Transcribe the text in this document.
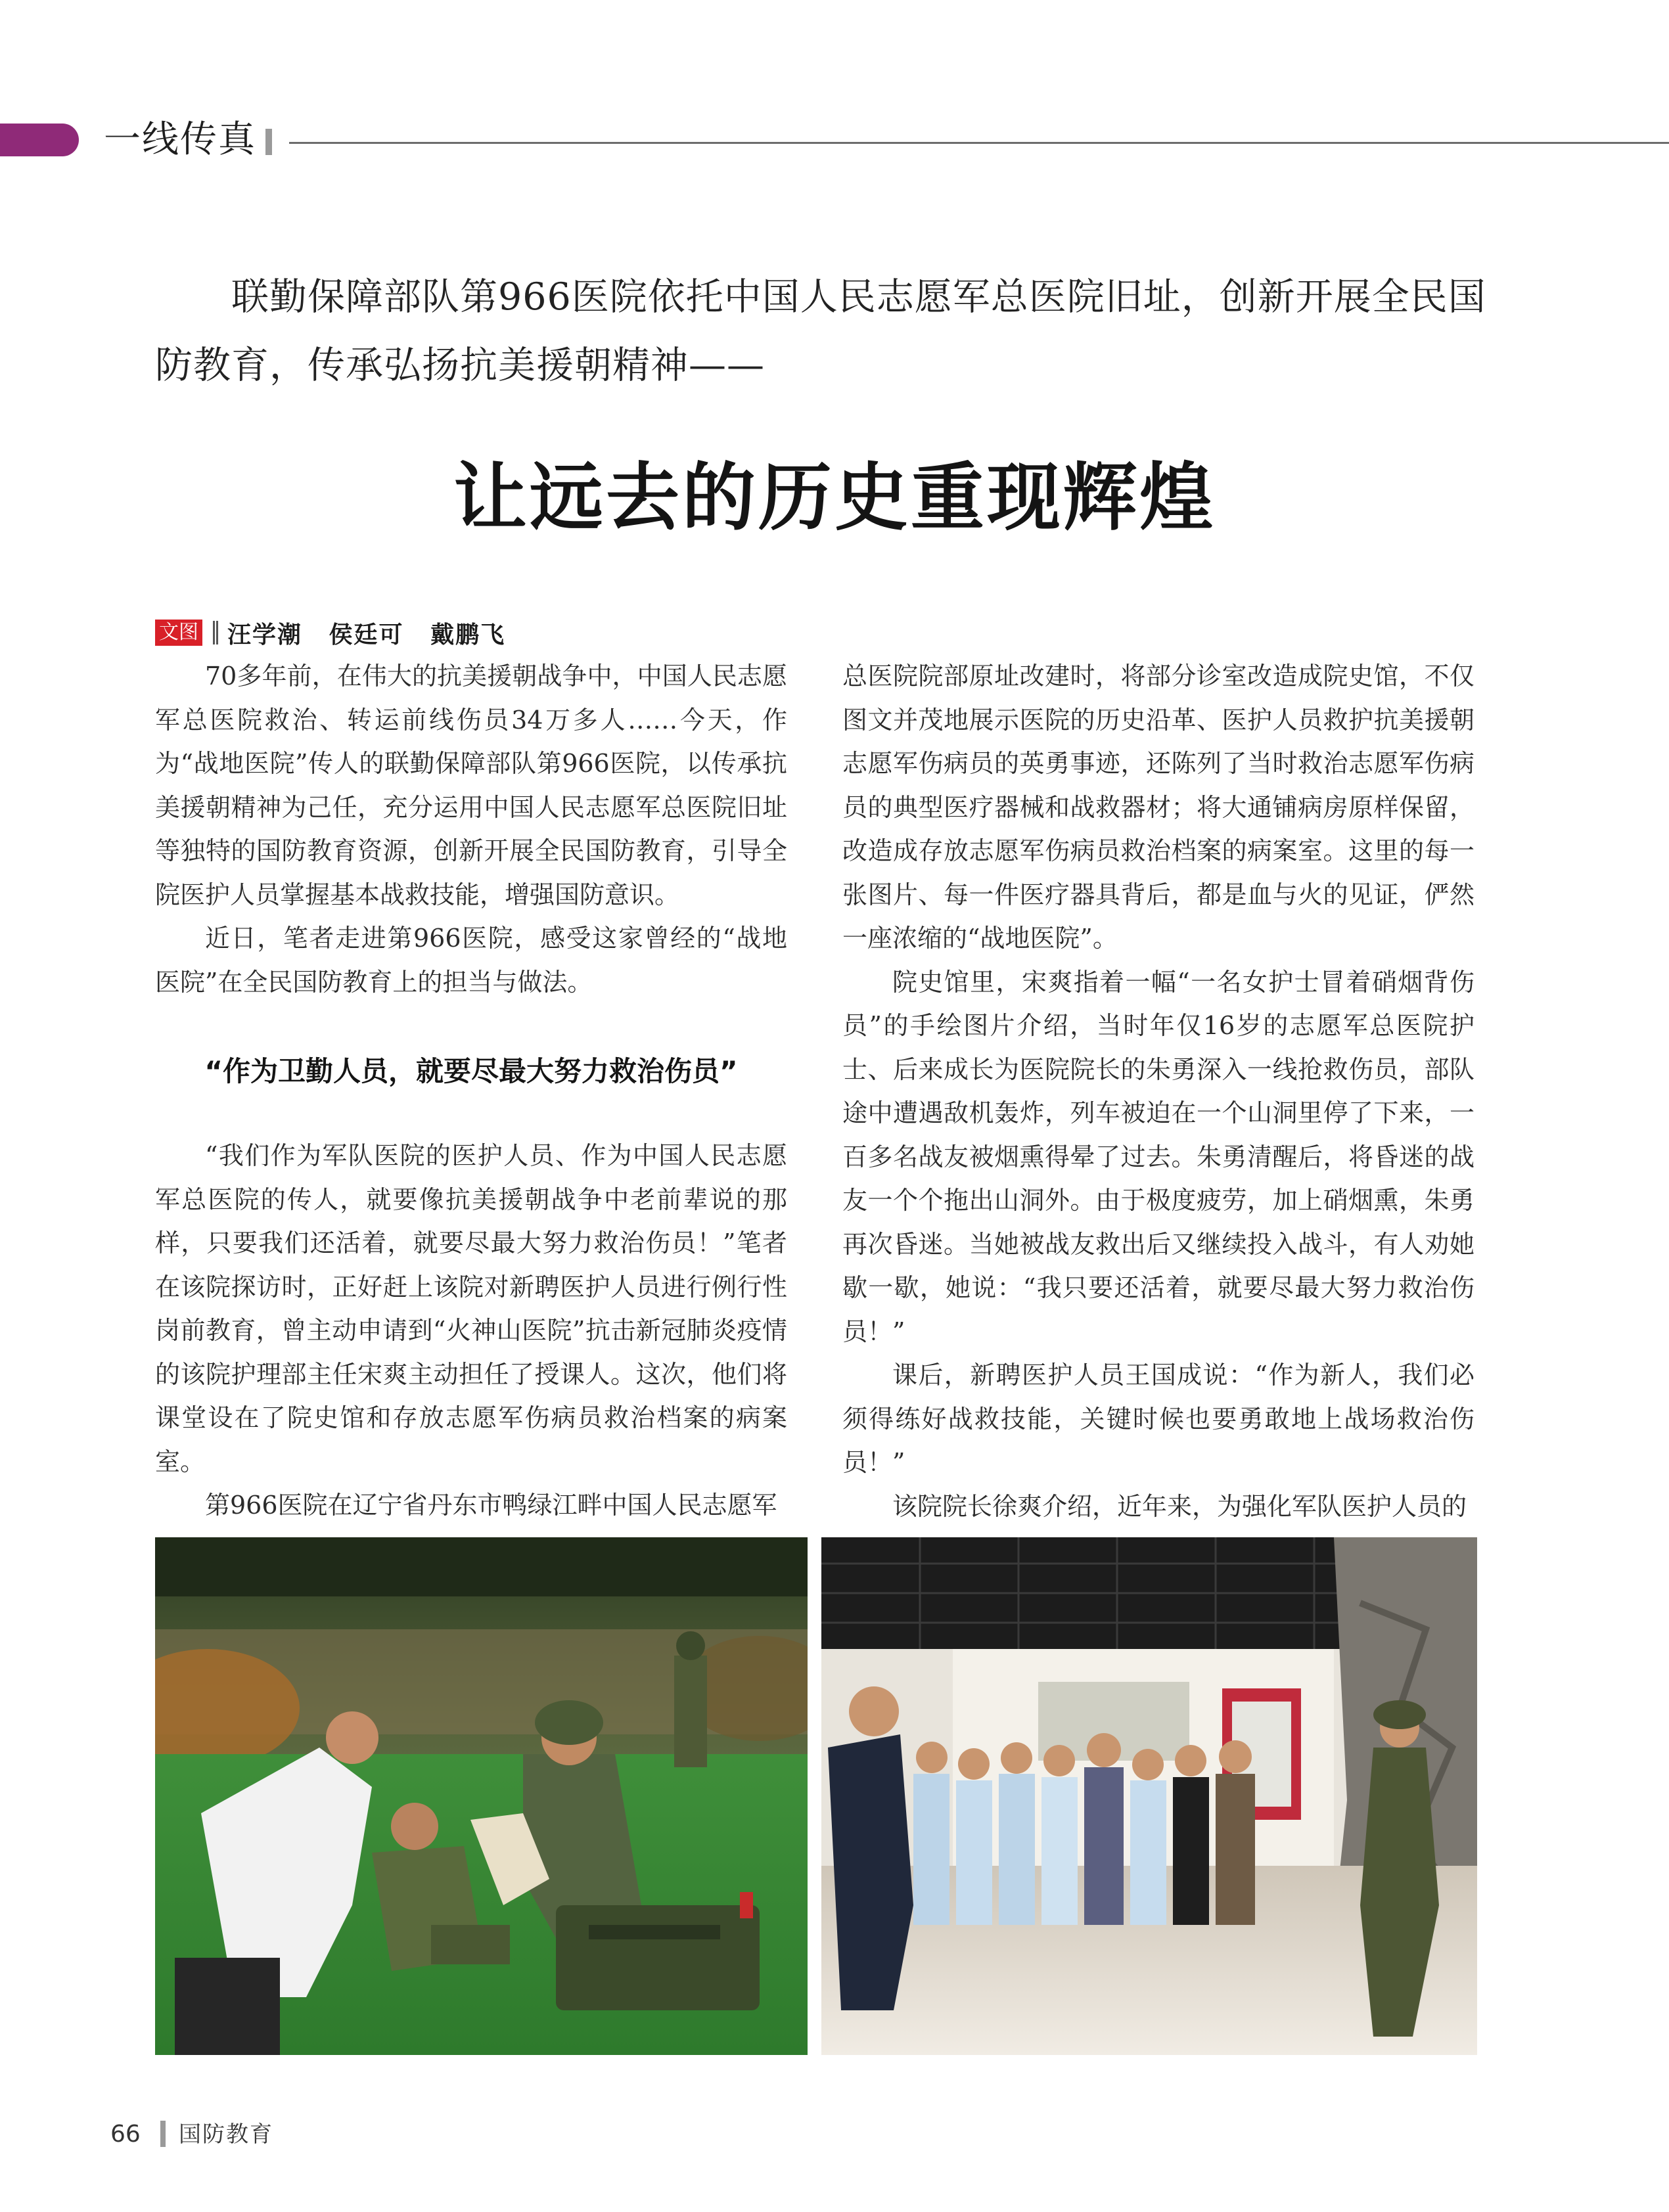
一线传真
联勤保障部队第966医院依托中国人民志愿军总医院旧址，创新开展全民国防教育，传承弘扬抗美援朝精神——
让远去的历史重现辉煌
文图 汪学潮 侯廷可 戴鹏飞

70多年前，在伟大的抗美援朝战争中，中国人民志愿军总医院救治、转运前线伤员34万多人……今天，作为“战地医院”传人的联勤保障部队第966医院，以传承抗美援朝精神为己任，充分运用中国人民志愿军总医院旧址等独特的国防教育资源，创新开展全民国防教育，引导全院医护人员掌握基本战救技能，增强国防意识。

近日，笔者走进第966医院，感受这家曾经的“战地医院”在全民国防教育上的担当与做法。

“作为卫勤人员，就要尽最大努力救治伤员”

“我们作为军队医院的医护人员、作为中国人民志愿军总医院的传人，就要像抗美援朝战争中老前辈说的那样，只要我们还活着，就要尽最大努力救治伤员！”笔者在该院探访时，正好赶上该院对新聘医护人员进行例行性岗前教育，曾主动申请到“火神山医院”抗击新冠肺炎疫情的该院护理部主任宋爽主动担任了授课人。这次，他们将课堂设在了院史馆和存放志愿军伤病员救治档案的病案室。

第966医院在辽宁省丹东市鸭绿江畔中国人民志愿军

总医院院部原址改建时，将部分诊室改造成院史馆，不仅图文并茂地展示医院的历史沿革、医护人员救护抗美援朝志愿军伤病员的英勇事迹，还陈列了当时救治志愿军伤病员的典型医疗器械和战救器材；将大通铺病房原样保留，改造成存放志愿军伤病员救治档案的病案室。这里的每一张图片、每一件医疗器具背后，都是血与火的见证，俨然一座浓缩的“战地医院”。

院史馆里，宋爽指着一幅“一名女护士冒着硝烟背伤员”的手绘图片介绍，当时年仅16岁的志愿军总医院护士、后来成长为医院院长的朱勇深入一线抢救伤员，部队途中遭遇敌机轰炸，列车被迫在一个山洞里停了下来，一百多名战友被烟熏得晕了过去。朱勇清醒后，将昏迷的战友一个个拖出山洞外。由于极度疲劳，加上硝烟熏，朱勇再次昏迷。当她被战友救出后又继续投入战斗，有人劝她歇一歇，她说：“我只要还活着，就要尽最大努力救治伤员！”

课后，新聘医护人员王国成说：“作为新人，我们必须得练好战救技能，关键时候也要勇敢地上战场救治伤员！”

该院院长徐爽介绍，近年来，为强化军队医护人员的

66 国防教育
